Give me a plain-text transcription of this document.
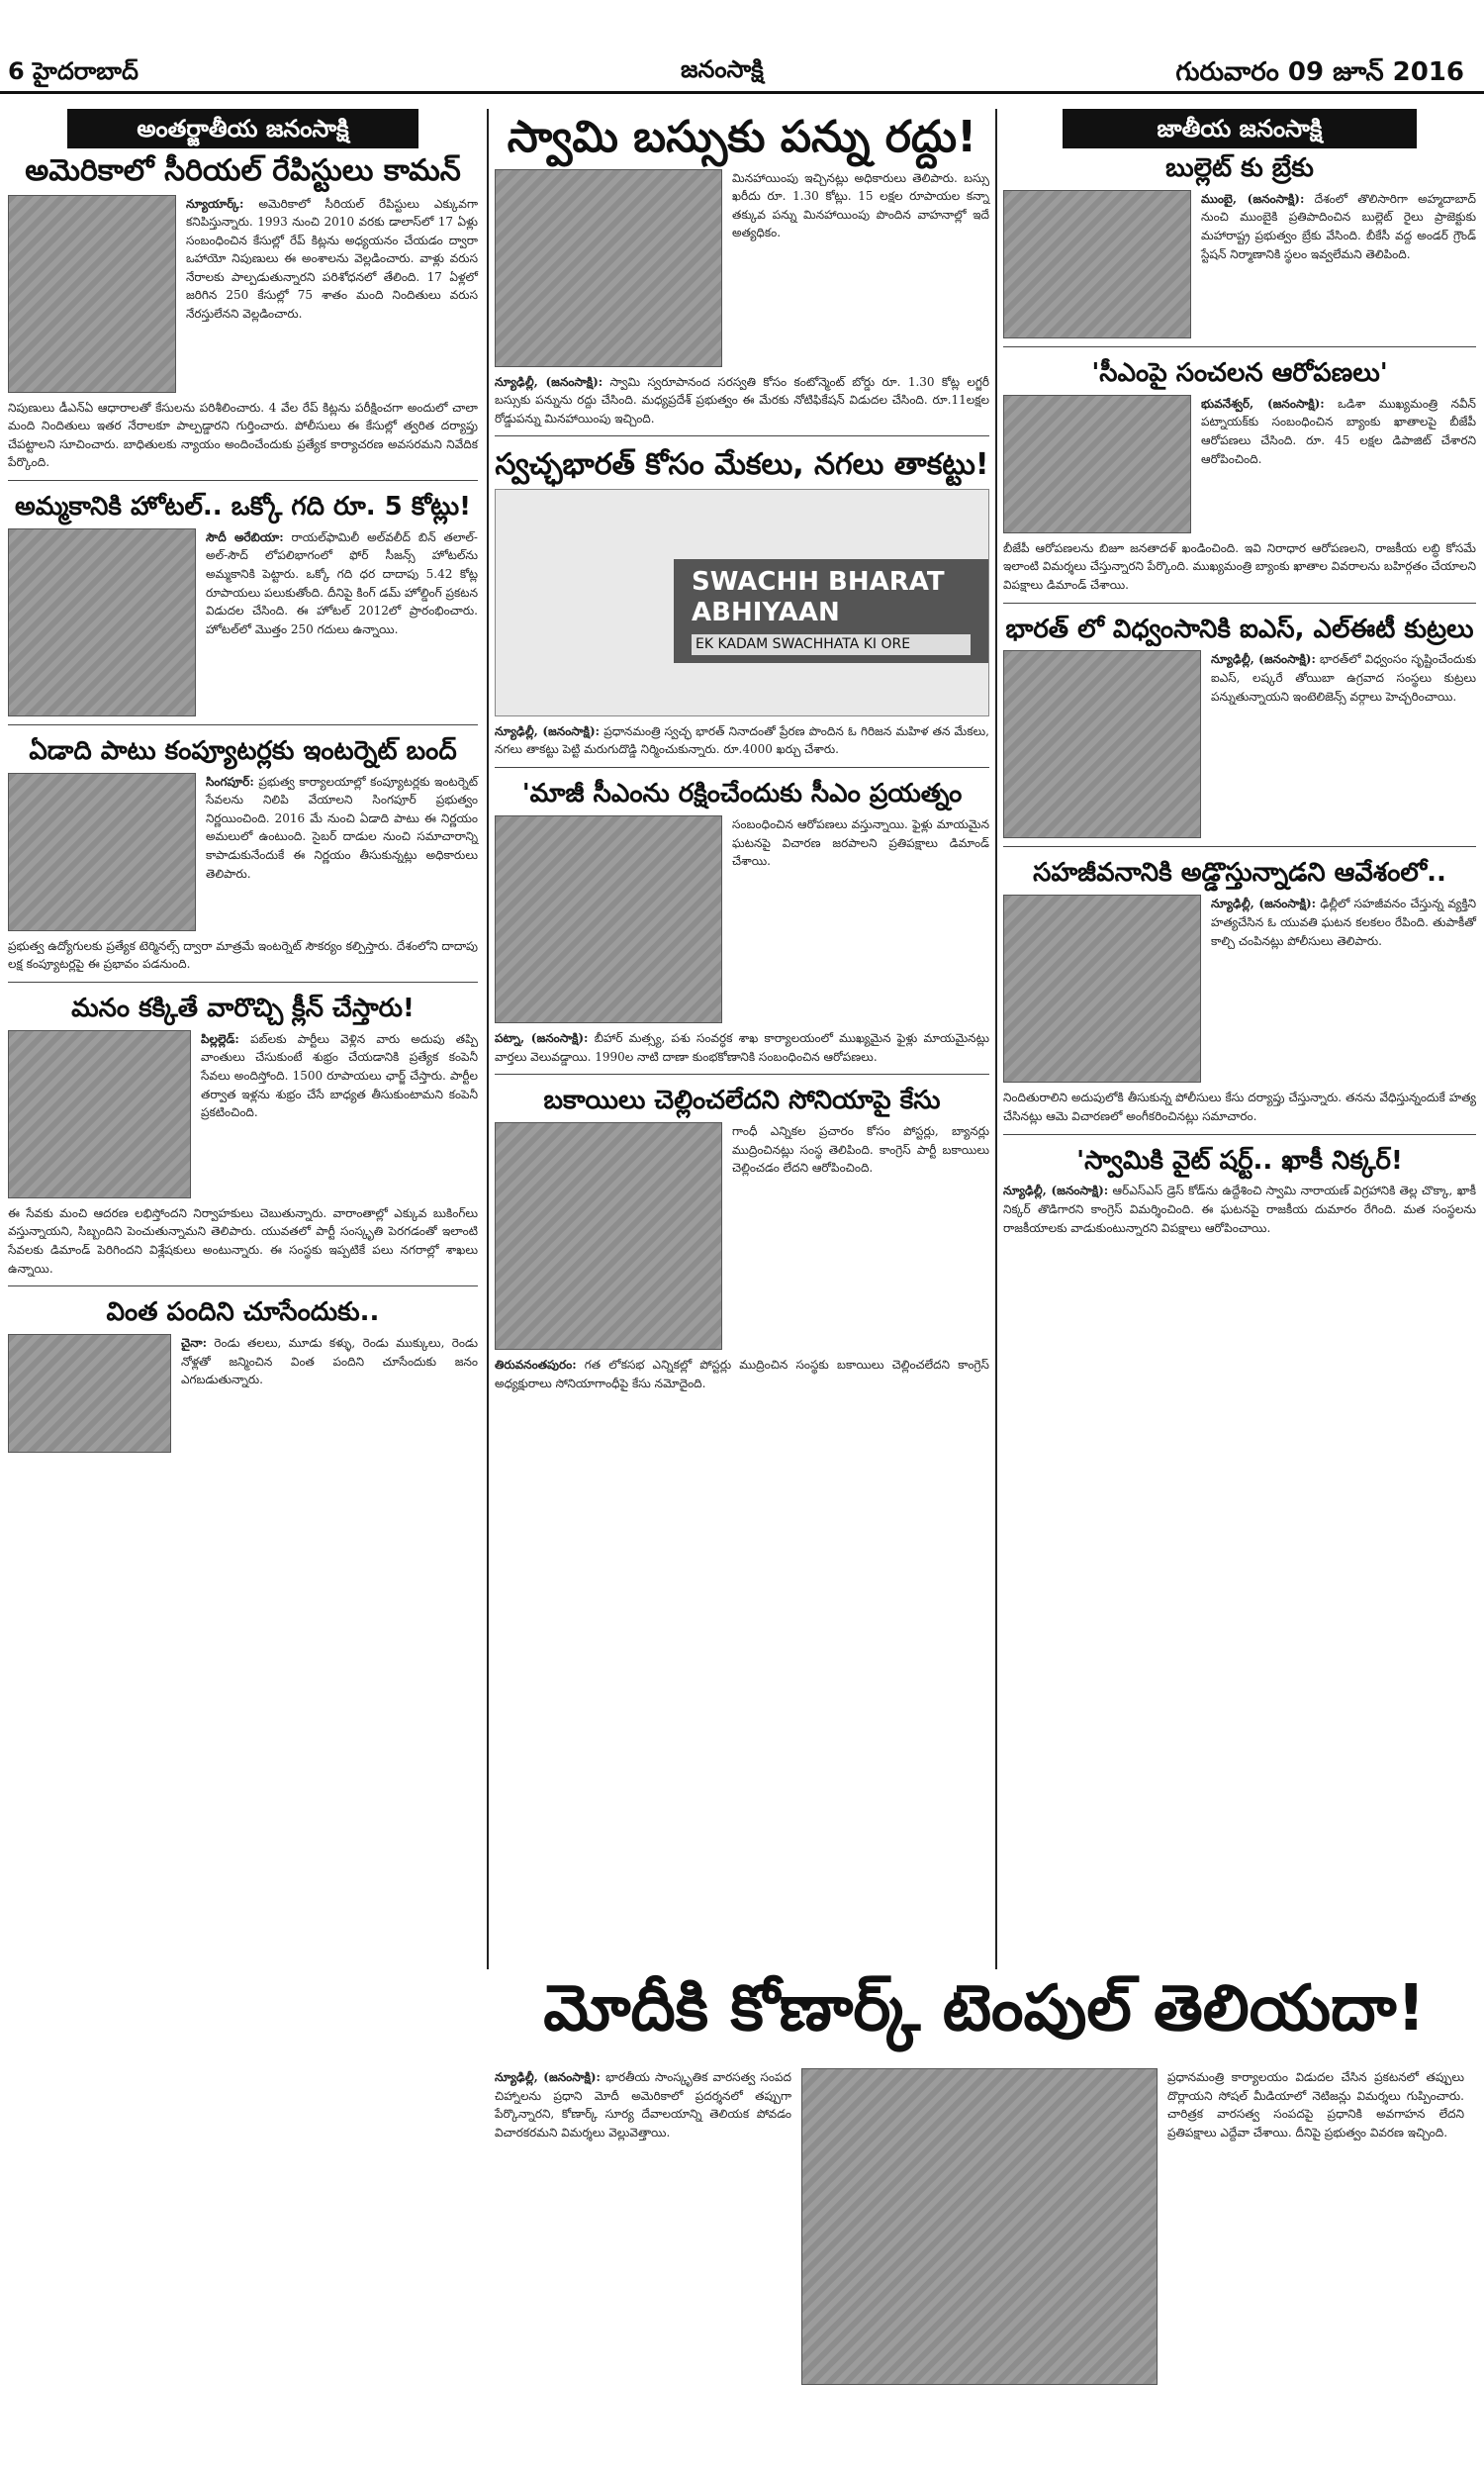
6 హైదరాబాద్	జనంసాక్షి	గురువారం 09 జూన్ 2016
అంతర్జాతీయ జనంసాక్షి
అమెరికాలో సీరియల్ రేపిస్టులు కామన్
న్యూయార్క్: అమెరికాలో సీరియల్ రేపిస్టులు ఎక్కువగా కనిపిస్తున్నారు. 1993 నుంచి 2010 వరకు డాలాస్‌లో 17 ఏళ్లు సంబంధించిన కేసుల్లో రేప్ కిట్లను అధ్యయనం చేయడం ద్వారా ఒహాయో నిపుణులు ఈ అంశాలను వెల్లడించారు. వాళ్లు వరుస నేరాలకు పాల్పడుతున్నారని పరిశోధనలో తేలింది. 17 ఏళ్లలో జరిగిన 250 కేసుల్లో 75 శాతం మంది నిందితులు వరుస నేరస్తులేనని వెల్లడించారు.
నిపుణులు డీఎన్ఏ ఆధారాలతో కేసులను పరిశీలించారు. 4 వేల రేప్ కిట్లను పరీక్షించగా అందులో చాలా మంది నిందితులు ఇతర నేరాలకూ పాల్పడ్డారని గుర్తించారు. పోలీసులు ఈ కేసుల్లో త్వరిత దర్యాప్తు చేపట్టాలని సూచించారు. బాధితులకు న్యాయం అందించేందుకు ప్రత్యేక కార్యాచరణ అవసరమని నివేదిక పేర్కొంది.
అమ్మకానికి హోటల్.. ఒక్కో గది రూ. 5 కోట్లు!
సౌదీ అరేబియా: రాయల్‌ఫామిలీ అల్‌వలీద్ బిన్ తలాల్-అల్-సౌద్ లోపలిభాగంలో ఫోర్ సీజన్స్ హోటల్‌ను అమ్మకానికి పెట్టారు. ఒక్కో గది ధర దాదాపు 5.42 కోట్ల రూపాయలు పలుకుతోంది. దీనిపై కింగ్ డమ్ హోల్డింగ్ ప్రకటన విడుదల చేసింది. ఈ హోటల్ 2012లో ప్రారంభించారు. హోటల్‌లో మొత్తం 250 గదులు ఉన్నాయి.
ఏడాది పాటు కంప్యూటర్లకు ఇంటర్నెట్ బంద్
సింగపూర్: ప్రభుత్వ కార్యాలయాల్లో కంప్యూటర్లకు ఇంటర్నెట్ సేవలను నిలిపి వేయాలని సింగపూర్ ప్రభుత్వం నిర్ణయించింది. 2016 మే నుంచి ఏడాది పాటు ఈ నిర్ణయం అమలులో ఉంటుంది. సైబర్ దాడుల నుంచి సమాచారాన్ని కాపాడుకునేందుకే ఈ నిర్ణయం తీసుకున్నట్లు అధికారులు తెలిపారు.
ప్రభుత్వ ఉద్యోగులకు ప్రత్యేక టెర్మినల్స్ ద్వారా మాత్రమే ఇంటర్నెట్ సౌకర్యం కల్పిస్తారు. దేశంలోని దాదాపు లక్ష కంప్యూటర్లపై ఈ ప్రభావం పడనుంది.
మనం కక్కితే వారొచ్చి క్లీన్ చేస్తారు!
పిల్లల్లెడ్: పబ్‌లకు పార్టీలు వెళ్లిన వారు అదుపు తప్పి వాంతులు చేసుకుంటే శుభ్రం చేయడానికి ప్రత్యేక కంపెనీ సేవలు అందిస్తోంది. 1500 రూపాయలు ఛార్జ్ చేస్తారు. పార్టీల తర్వాత ఇళ్లను శుభ్రం చేసే బాధ్యత తీసుకుంటామని కంపెనీ ప్రకటించింది.
ఈ సేవకు మంచి ఆదరణ లభిస్తోందని నిర్వాహకులు చెబుతున్నారు. వారాంతాల్లో ఎక్కువ బుకింగ్‌లు వస్తున్నాయని, సిబ్బందిని పెంచుతున్నామని తెలిపారు. యువతలో పార్టీ సంస్కృతి పెరగడంతో ఇలాంటి సేవలకు డిమాండ్ పెరిగిందని విశ్లేషకులు అంటున్నారు. ఈ సంస్థకు ఇప్పటికే పలు నగరాల్లో శాఖలు ఉన్నాయి.
వింత పందిని చూసేందుకు..
చైనా: రెండు తలలు, మూడు కళ్ళు, రెండు ముక్కులు, రెండు నోళ్లతో జన్మించిన వింత పందిని చూసేందుకు జనం ఎగబడుతున్నారు.
స్వామి బస్సుకు పన్ను రద్దు!
మినహాయింపు ఇచ్చినట్లు అధికారులు తెలిపారు. బస్సు ఖరీదు రూ. 1.30 కోట్లు. 15 లక్షల రూపాయల కన్నా తక్కువ పన్ను మినహాయింపు పొందిన వాహనాల్లో ఇదే అత్యధికం.
న్యూఢిల్లీ, (జనంసాక్షి): స్వామి స్వరూపానంద సరస్వతి కోసం కంటోన్మెంట్ బోర్డు రూ. 1.30 కోట్ల లగ్జరీ బస్సుకు పన్నును రద్దు చేసింది. మధ్యప్రదేశ్ ప్రభుత్వం ఈ మేరకు నోటిఫికేషన్ విడుదల చేసింది. రూ.11లక్షల రోడ్డుపన్ను మినహాయింపు ఇచ్చింది.
స్వచ్ఛభారత్ కోసం మేకలు, నగలు తాకట్టు!
SWACHH BHARAT ABHIYAAN
EK KADAM SWACHHATA KI ORE
న్యూఢిల్లీ, (జనంసాక్షి): ప్రధానమంత్రి స్వచ్ఛ భారత్ నినాదంతో ప్రేరణ పొందిన ఓ గిరిజన మహిళ తన మేకలు, నగలు తాకట్టు పెట్టి మరుగుదొడ్డి నిర్మించుకున్నారు. రూ.4000 ఖర్చు చేశారు.
'మాజీ సీఎంను రక్షించేందుకు సీఎం ప్రయత్నం
సంబంధించిన ఆరోపణలు వస్తున్నాయి. ఫైళ్లు మాయమైన ఘటనపై విచారణ జరపాలని ప్రతిపక్షాలు డిమాండ్ చేశాయి.
పట్నా, (జనంసాక్షి): బీహార్ మత్స్య, పశు సంవర్ధక శాఖ కార్యాలయంలో ముఖ్యమైన ఫైళ్లు మాయమైనట్లు వార్తలు వెలువడ్డాయి. 1990ల నాటి దాణా కుంభకోణానికి సంబంధించిన ఆరోపణలు.
బకాయిలు చెల్లించలేదని సోనియాపై కేసు
గాంధీ ఎన్నికల ప్రచారం కోసం పోస్టర్లు, బ్యానర్లు ముద్రించినట్లు సంస్థ తెలిపింది. కాంగ్రెస్ పార్టీ బకాయిలు చెల్లించడం లేదని ఆరోపించింది.
తిరువనంతపురం: గత లోకసభ ఎన్నికల్లో పోస్టర్లు ముద్రించిన సంస్థకు బకాయిలు చెల్లించలేదని కాంగ్రెస్ అధ్యక్షురాలు సోనియాగాంధీపై కేసు నమోదైంది.
జాతీయ జనంసాక్షి
బుల్లెట్ కు బ్రేకు
ముంబై, (జనంసాక్షి): దేశంలో తొలిసారిగా అహ్మదాబాద్ నుంచి ముంబైకి ప్రతిపాదించిన బుల్లెట్ రైలు ప్రాజెక్టుకు మహారాష్ట్ర ప్రభుత్వం బ్రేకు వేసింది. బీకేసీ వద్ద అండర్ గ్రౌండ్ స్టేషన్ నిర్మాణానికి స్థలం ఇవ్వలేమని తెలిపింది.
'సీఎంపై సంచలన ఆరోపణలు'
భువనేశ్వర్, (జనంసాక్షి): ఒడిశా ముఖ్యమంత్రి నవీన్ పట్నాయక్‌కు సంబంధించిన బ్యాంకు ఖాతాలపై బీజేపీ ఆరోపణలు చేసింది. రూ. 45 లక్షల డిపాజిట్ చేశారని ఆరోపించింది.
బీజేపీ ఆరోపణలను బిజూ జనతాదళ్ ఖండించింది. ఇవి నిరాధార ఆరోపణలని, రాజకీయ లబ్ధి కోసమే ఇలాంటి విమర్శలు చేస్తున్నారని పేర్కొంది. ముఖ్యమంత్రి బ్యాంకు ఖాతాల వివరాలను బహిర్గతం చేయాలని విపక్షాలు డిమాండ్ చేశాయి.
భారత్ లో విధ్వంసానికి ఐఎస్, ఎల్ఈటీ కుట్రలు
న్యూఢిల్లీ, (జనంసాక్షి): భారత్‌లో విధ్వంసం సృష్టించేందుకు ఐఎస్, లష్కరే తోయిబా ఉగ్రవాద సంస్థలు కుట్రలు పన్నుతున్నాయని ఇంటెలిజెన్స్ వర్గాలు హెచ్చరించాయి.
సహజీవనానికి అడ్డొస్తున్నాడని ఆవేశంలో..
న్యూఢిల్లీ, (జనంసాక్షి): ఢిల్లీలో సహజీవనం చేస్తున్న వ్యక్తిని హత్యచేసిన ఓ యువతి ఘటన కలకలం రేపింది. తుపాకీతో కాల్చి చంపినట్లు పోలీసులు తెలిపారు.
నిందితురాలిని అదుపులోకి తీసుకున్న పోలీసులు కేసు దర్యాప్తు చేస్తున్నారు. తనను వేధిస్తున్నందుకే హత్య చేసినట్లు ఆమె విచారణలో అంగీకరించినట్లు సమాచారం.
'స్వామికి వైట్ షర్ట్.. ఖాకీ నిక్కర్!
న్యూఢిల్లీ, (జనంసాక్షి): ఆర్ఎస్ఎస్ డ్రెస్ కోడ్‌ను ఉద్దేశించి స్వామి నారాయణ్ విగ్రహానికి తెల్ల చొక్కా, ఖాకీ నిక్కర్ తొడిగారని కాంగ్రెస్ విమర్శించింది. ఈ ఘటనపై రాజకీయ దుమారం రేగింది. మత సంస్థలను రాజకీయాలకు వాడుకుంటున్నారని విపక్షాలు ఆరోపించాయి.
మోదీకి కోణార్క్ టెంపుల్ తెలియదా!
న్యూఢిల్లీ, (జనంసాక్షి): భారతీయ సాంస్కృతిక వారసత్వ సంపద చిహ్నాలను ప్రధాని మోదీ అమెరికాలో ప్రదర్శనలో తప్పుగా పేర్కొన్నారని, కోణార్క్ సూర్య దేవాలయాన్ని తెలియక పోవడం విచారకరమని విమర్శలు వెల్లువెత్తాయి.
ప్రధానమంత్రి కార్యాలయం విడుదల చేసిన ప్రకటనలో తప్పులు దొర్లాయని సోషల్ మీడియాలో నెటిజన్లు విమర్శలు గుప్పించారు. చారిత్రక వారసత్వ సంపదపై ప్రధానికి అవగాహన లేదని ప్రతిపక్షాలు ఎద్దేవా చేశాయి. దీనిపై ప్రభుత్వం వివరణ ఇచ్చింది.
